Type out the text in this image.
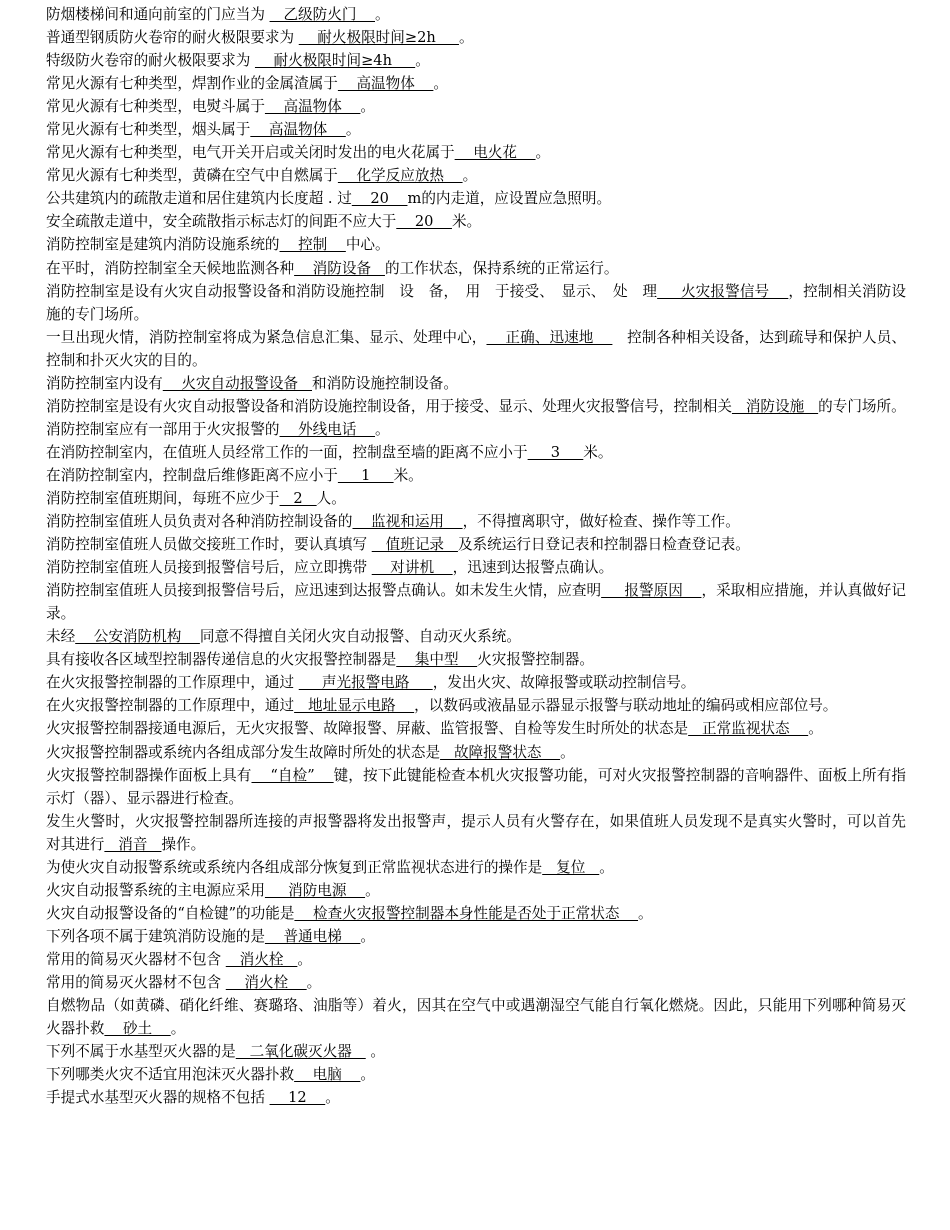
防烟楼梯间和通向前室的门应当为    乙级防火门    。

普通型钢质防火卷帘的耐火极限要求为     耐火极限时间≥2h     。

特级防火卷帘的耐火极限要求为     耐火极限时间≥4h     。

常见火源有七种类型，焊割作业的金属渣属于    高温物体    。

常见火源有七种类型，电熨斗属于    高温物体    。

常见火源有七种类型，烟头属于    高温物体    。

常见火源有七种类型，电气开关开启或关闭时发出的电火花属于    电火花    。

常见火源有七种类型，黄磷在空气中自燃属于    化学反应放热    。

公共建筑内的疏散走道和居住建筑内长度超 . 过    20    m的内走道，应设置应急照明。

安全疏散走道中，安全疏散指示标志灯的间距不应大于    20    米。

消防控制室是建筑内消防设施系统的    控制    中心。

在平时，消防控制室全天候地监测各种    消防设备   的工作状态，保持系统的正常运行。

消防控制室是设有火灾自动报警设备和消防设施控制　设　备，　用　于接受、　显示、　处　理     火灾报警信号    ，控制相关消防设施的专门场所。

一旦出现火情，消防控制室将成为紧急信息汇集、显示、处理中心，    正确、迅速地    　控制各种相关设备，达到疏导和保护人员、控制和扑灭火灾的目的。

消防控制室内设有    火灾自动报警设备   和消防设施控制设备。

消防控制室是设有火灾自动报警设备和消防设施控制设备，用于接受、显示、处理火灾报警信号，控制相关   消防设施   的专门场所。

消防控制室应有一部用于火灾报警的    外线电话    。

在消防控制室内，在值班人员经常工作的一面，控制盘至墙的距离不应小于     3     米。

在消防控制室内，控制盘后维修距离不应小于     1     米。

消防控制室值班期间，每班不应少于   2   人。

消防控制室值班人员负责对各种消防控制设备的    监视和运用    ，不得擅离职守，做好检查、操作等工作。

消防控制室值班人员做交接班工作时，要认真填写    值班记录   及系统运行日登记表和控制器日检查登记表。

消防控制室值班人员接到报警信号后，应立即携带     对讲机    ，迅速到达报警点确认。

消防控制室值班人员接到报警信号后，应迅速到达报警点确认。如未发生火情，应查明     报警原因    ，采取相应措施，并认真做好记录。

未经    公安消防机构    同意不得擅自关闭火灾自动报警、自动灭火系统。

具有接收各区域型控制器传递信息的火灾报警控制器是    集中型    火灾报警控制器。

在火灾报警控制器的工作原理中，通过      声光报警电路     ，发出火灾、故障报警或联动控制信号。

在火灾报警控制器的工作原理中，通过   地址显示电路    ，以数码或液晶显示器显示报警与联动地址的编码或相应部位号。

火灾报警控制器接通电源后，无火灾报警、故障报警、屏蔽、监管报警、自检等发生时所处的状态是   正常监视状态    。

火灾报警控制器或系统内各组成部分发生故障时所处的状态是   故障报警状态    。

火灾报警控制器操作面板上具有    “自检”    键，按下此键能检查本机火灾报警功能，可对火灾报警控制器的音响器件、面板上所有指示灯（器）、显示器进行检查。

发生火警时，火灾报警控制器所连接的声报警器将发出报警声，提示人员有火警存在，如果值班人员发现不是真实火警时，可以首先对其进行   消音   操作。

为使火灾自动报警系统或系统内各组成部分恢复到正常监视状态进行的操作是   复位   。

火灾自动报警系统的主电源应采用     消防电源    。

火灾自动报警设备的“自检键”的功能是    检查火灾报警控制器本身性能是否处于正常状态    。

下列各项不属于建筑消防设施的是    普通电梯    。

常用的简易灭火器材不包含    消火栓   。

常用的简易灭火器材不包含     消火栓    。

自燃物品（如黄磷、硝化纤维、赛璐珞、油脂等）着火，因其在空气中或遇潮湿空气能自行氧化燃烧。因此，只能用下列哪种简易灭火器扑救    砂土    。

下列不属于水基型灭火器的是   二氧化碳灭火器    。

下列哪类火灾不适宜用泡沫灭火器扑救    电脑    。

手提式水基型灭火器的规格不包括     12    。
